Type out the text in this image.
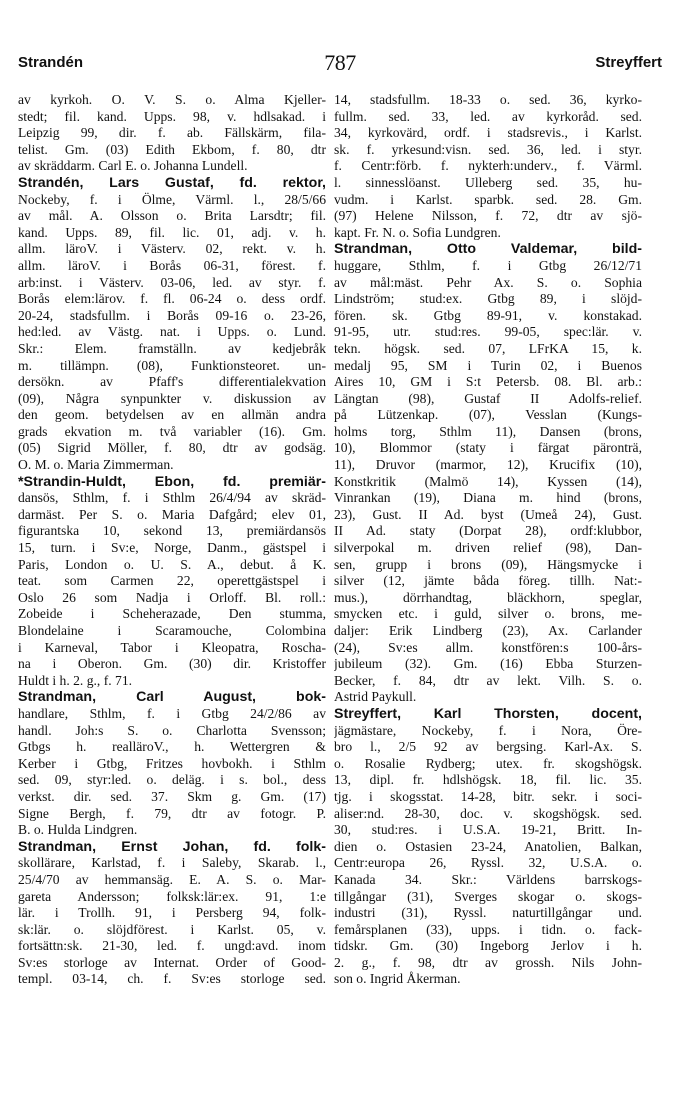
Strandén	787	Streyffert
av kyrkoh. O. V. S. o. Alma Kjeller-
stedt; fil. kand. Upps. 98, v. hdlsakad. i
Leipzig 99, dir. f. ab. Fällskärm, fila-
telist. Gm. (03) Edith Ekbom, f. 80, dtr
av skräddarm. Carl E. o. Johanna Lundell.
Strandén, Lars Gustaf, fd. rektor,
Nockeby, f. i Ölme, Värml. l., 28/5/66
av mål. A. Olsson o. Brita Larsdtr; fil.
kand. Upps. 89, fil. lic. 01, adj. v. h.
allm. läroV. i Västerv. 02, rekt. v. h.
allm. läroV. i Borås 06-31, förest. f.
arb:inst. i Västerv. 03-06, led. av styr. f.
Borås elem:lärov. f. fl. 06-24 o. dess ordf.
20-24, stadsfullm. i Borås 09-16 o. 23-26,
hed:led. av Västg. nat. i Upps. o. Lund.
Skr.: Elem. framställn. av kedjebråk
m. tillämpn. (08), Funktionsteoret. un-
dersökn. av Pfaff's differentialekvation
(09), Några synpunkter v. diskussion av
den geom. betydelsen av en allmän andra
grads ekvation m. två variabler (16). Gm.
(05) Sigrid Möller, f. 80, dtr av godsäg.
O. M. o. Maria Zimmerman.
*Strandin-Huldt, Ebon, fd. premiär-
dansös, Sthlm, f. i Sthlm 26/4/94 av skräd-
darmäst. Per S. o. Maria Dafgård; elev 01,
figurantska 10, sekond 13, premiärdansös
15, turn. i Sv:e, Norge, Danm., gästspel i
Paris, London o. U. S. A., debut. å K.
teat. som Carmen 22, operettgästspel i
Oslo 26 som Nadja i Orloff. Bl. roll.:
Zobeide i Scheherazade, Den stumma,
Blondelaine i Scaramouche, Colombina
i Karneval, Tabor i Kleopatra, Roscha-
na i Oberon. Gm. (30) dir. Kristoffer
Huldt i h. 2. g., f. 71.
Strandman, Carl August, bok-
handlare, Sthlm, f. i Gtbg 24/2/86 av
handl. Joh:s S. o. Charlotta Svensson;
Gtbgs h. realläroV., h. Wettergren &
Kerber i Gtbg, Fritzes hovbokh. i Sthlm
sed. 09, styr:led. o. deläg. i s. bol., dess
verkst. dir. sed. 37. Skm g. Gm. (17)
Signe Bergh, f. 79, dtr av fotogr. P.
B. o. Hulda Lindgren.
Strandman, Ernst Johan, fd. folk-
skollärare, Karlstad, f. i Saleby, Skarab. l.,
25/4/70 av hemmansäg. E. A. S. o. Mar-
gareta Andersson; folksk:lär:ex. 91, 1:e
lär. i Trollh. 91, i Persberg 94, folk-
sk:lär. o. slöjdförest. i Karlst. 05, v.
fortsättn:sk. 21-30, led. f. ungd:avd. inom
Sv:es storloge av Internat. Order of Good-
templ. 03-14, ch. f. Sv:es storloge sed.
14, stadsfullm. 18-33 o. sed. 36, kyrko-
fullm. sed. 33, led. av kyrkoråd. sed.
34, kyrkovärd, ordf. i stadsrevis., i Karlst.
sk. f. yrkesund:visn. sed. 36, led. i styr.
f. Centr:förb. f. nykterh:underv., f. Värml.
l. sinnesslöanst. Ulleberg sed. 35, hu-
vudm. i Karlst. sparbk. sed. 28. Gm.
(97) Helene Nilsson, f. 72, dtr av sjö-
kapt. Fr. N. o. Sofia Lundgren.
Strandman, Otto Valdemar, bild-
huggare, Sthlm, f. i Gtbg 26/12/71
av mål:mäst. Pehr Ax. S. o. Sophia
Lindström; stud:ex. Gtbg 89, i slöjd-
fören. sk. Gtbg 89-91, v. konstakad.
91-95, utr. stud:res. 99-05, spec:lär. v.
tekn. högsk. sed. 07, LFrKA 15, k.
medalj 95, SM i Turin 02, i Buenos
Aires 10, GM i S:t Petersb. 08. Bl. arb.:
Längtan (98), Gustaf II Adolfs-relief.
på Lützenkap. (07), Vesslan (Kungs-
holms torg, Sthlm 11), Dansen (brons,
10), Blommor (staty i färgat päronträ,
11), Druvor (marmor, 12), Krucifix (10),
Konstkritik (Malmö 14), Kyssen (14),
Vinrankan (19), Diana m. hind (brons,
23), Gust. II Ad. byst (Umeå 24), Gust.
II Ad. staty (Dorpat 28), ordf:klubbor,
silverpokal m. driven relief (98), Dan-
sen, grupp i brons (09), Hängsmycke i
silver (12, jämte båda föreg. tillh. Nat:-
mus.), dörrhandtag, bläckhorn, speglar,
smycken etc. i guld, silver o. brons, me-
daljer: Erik Lindberg (23), Ax. Carlander
(24), Sv:es allm. konstfören:s 100-års-
jubileum (32). Gm. (16) Ebba Sturzen-
Becker, f. 84, dtr av lekt. Vilh. S. o.
Astrid Paykull.
Streyffert, Karl Thorsten, docent,
jägmästare, Nockeby, f. i Nora, Öre-
bro l., 2/5 92 av bergsing. Karl-Ax. S.
o. Rosalie Rydberg; utex. fr. skogshögsk.
13, dipl. fr. hdlshögsk. 18, fil. lic. 35.
tjg. i skogsstat. 14-28, bitr. sekr. i soci-
aliser:nd. 28-30, doc. v. skogshögsk. sed.
30, stud:res. i U.S.A. 19-21, Britt. In-
dien o. Ostasien 23-24, Anatolien, Balkan,
Centr:europa 26, Ryssl. 32, U.S.A. o.
Kanada 34. Skr.: Världens barrskogs-
tillgångar (31), Sverges skogar o. skogs-
industri (31), Ryssl. naturtillgångar und.
femårsplanen (33), upps. i tidn. o. fack-
tidskr. Gm. (30) Ingeborg Jerlov i h.
2. g., f. 98, dtr av grossh. Nils John-
son o. Ingrid Åkerman.
